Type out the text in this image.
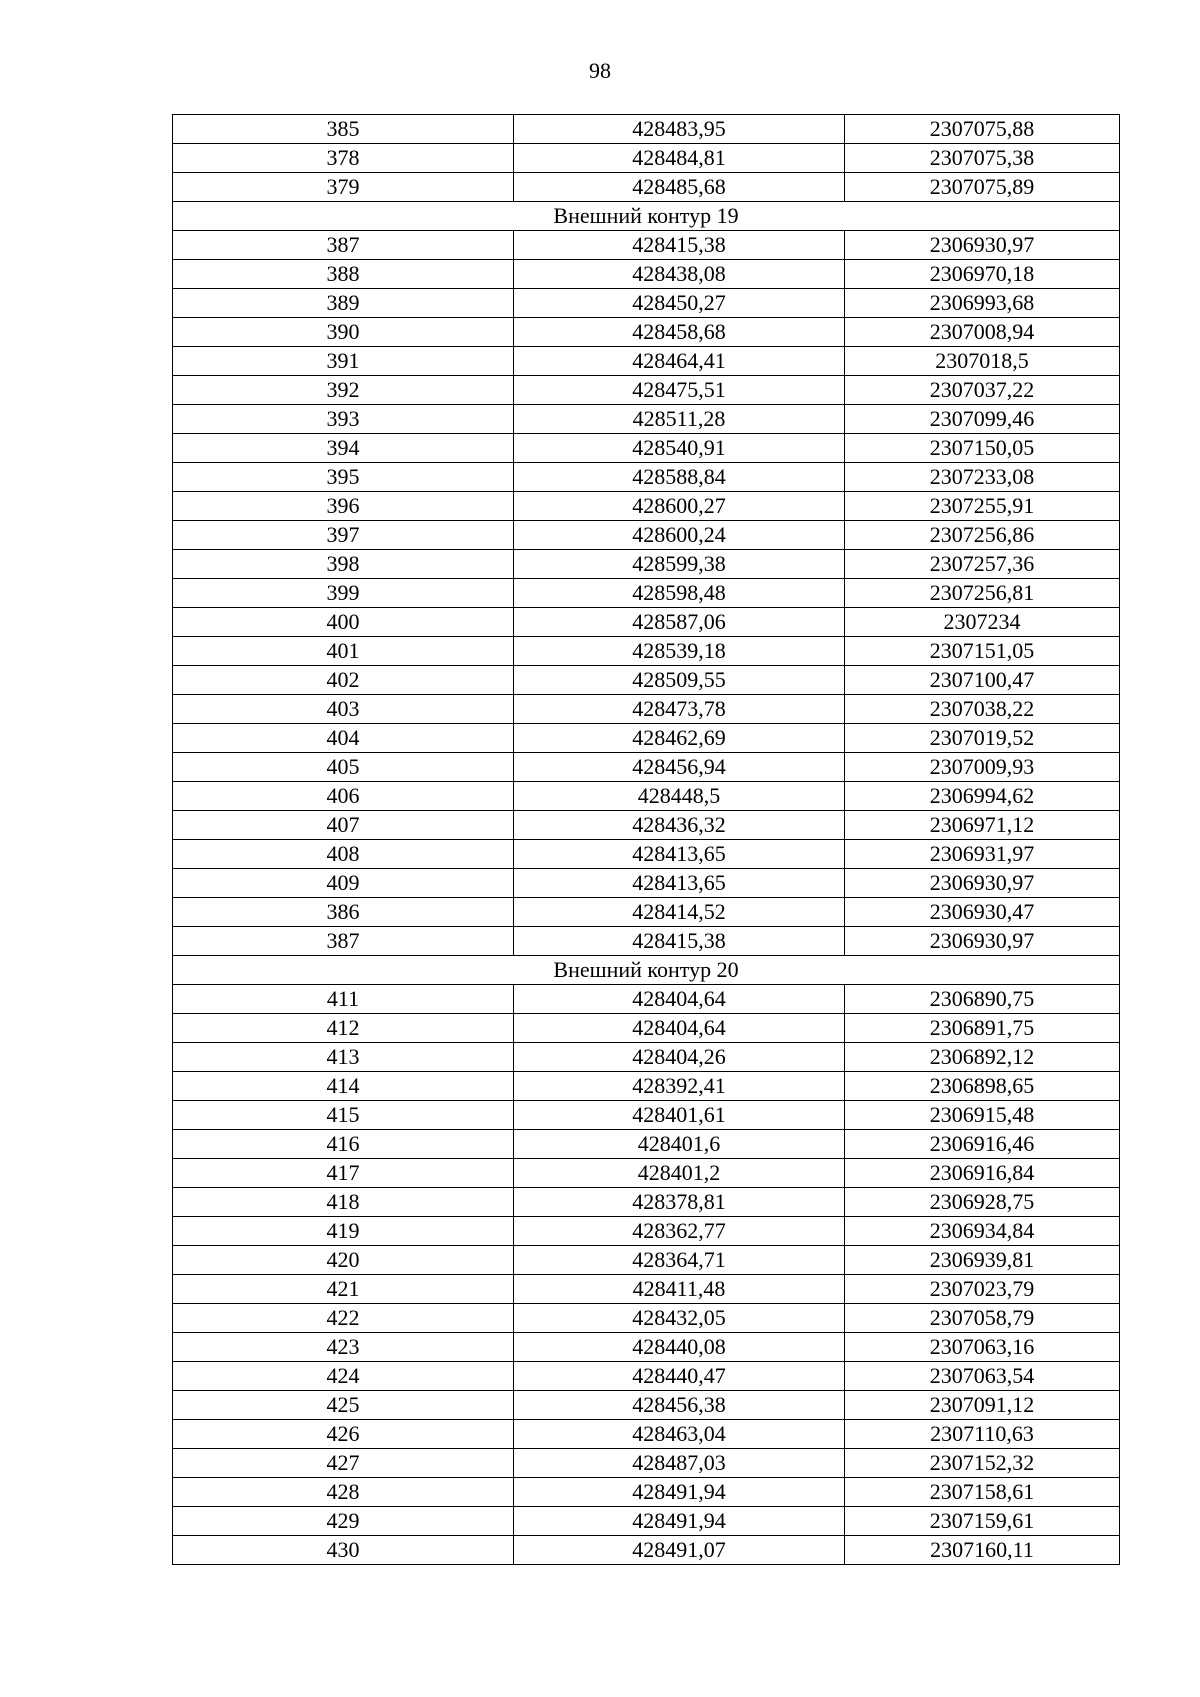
98
385	428483,95	2307075,88
378	428484,81	2307075,38
379	428485,68	2307075,89
Внешний контур 19		
387	428415,38	2306930,97
388	428438,08	2306970,18
389	428450,27	2306993,68
390	428458,68	2307008,94
391	428464,41	2307018,5
392	428475,51	2307037,22
393	428511,28	2307099,46
394	428540,91	2307150,05
395	428588,84	2307233,08
396	428600,27	2307255,91
397	428600,24	2307256,86
398	428599,38	2307257,36
399	428598,48	2307256,81
400	428587,06	2307234
401	428539,18	2307151,05
402	428509,55	2307100,47
403	428473,78	2307038,22
404	428462,69	2307019,52
405	428456,94	2307009,93
406	428448,5	2306994,62
407	428436,32	2306971,12
408	428413,65	2306931,97
409	428413,65	2306930,97
386	428414,52	2306930,47
387	428415,38	2306930,97
Внешний контур 20		
411	428404,64	2306890,75
412	428404,64	2306891,75
413	428404,26	2306892,12
414	428392,41	2306898,65
415	428401,61	2306915,48
416	428401,6	2306916,46
417	428401,2	2306916,84
418	428378,81	2306928,75
419	428362,77	2306934,84
420	428364,71	2306939,81
421	428411,48	2307023,79
422	428432,05	2307058,79
423	428440,08	2307063,16
424	428440,47	2307063,54
425	428456,38	2307091,12
426	428463,04	2307110,63
427	428487,03	2307152,32
428	428491,94	2307158,61
429	428491,94	2307159,61
430	428491,07	2307160,11
